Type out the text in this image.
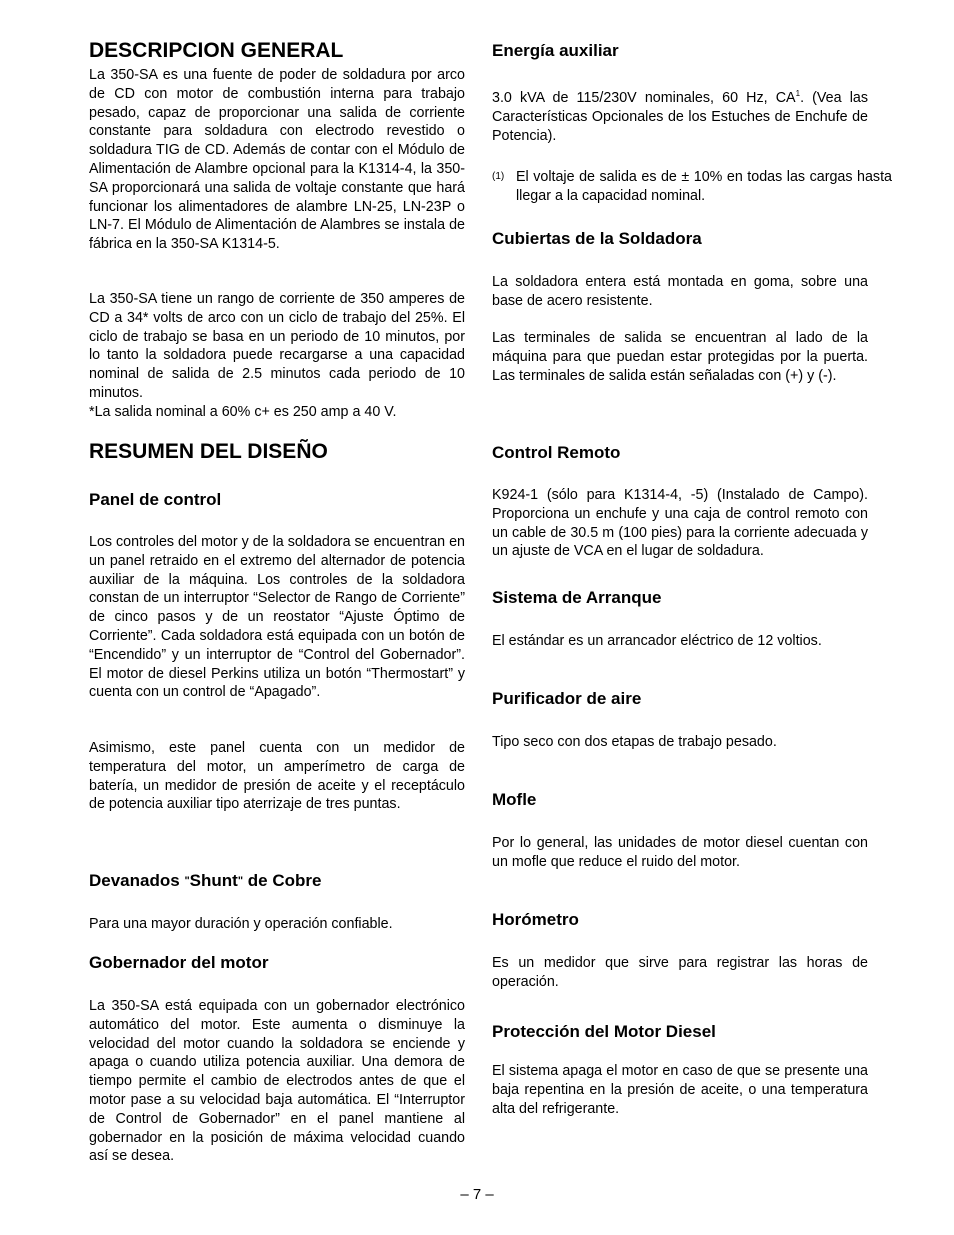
DESCRIPCION GENERAL

La 350-SA es una fuente de poder de soldadura por arco de CD con motor de combustión interna para trabajo pesado, capaz de proporcionar una salida de corriente constante para soldadura con electrodo revestido o soldadura TIG de CD. Además de contar con el Módulo de Alimentación de Alambre opcional para la K1314-4, la 350-SA proporcionará una salida de voltaje constante que hará funcionar los alimentadores de alambre LN-25, LN-23P o LN-7. El Módulo de Alimentación de Alambres se instala de fábrica en la 350-SA K1314-5.

La 350-SA tiene un rango de corriente de 350 amperes de CD a 34* volts de arco con un ciclo de trabajo del 25%. El ciclo de trabajo se basa en un periodo de 10 minutos, por lo tanto la soldadora puede recargarse a una capacidad nominal de salida de 2.5 minutos cada periodo de 10 minutos.

*La salida nominal a 60% c+ es 250 amp a 40 V.

RESUMEN DEL DISEÑO
Panel de control

Los controles del motor y de la soldadora se encuentran en un panel retraido en el extremo del alternador de potencia auxiliar de la máquina. Los controles de la soldadora constan de un interruptor “Selector de Rango de Corriente” de cinco pasos y de un reostator “Ajuste Óptimo de Corriente”. Cada soldadora está equipada con un botón de “Encendido” y un interruptor de “Control del Gobernador”. El motor de diesel Perkins utiliza un botón “Thermostart” y cuenta con un control de “Apagado”.

Asimismo, este panel cuenta con un medidor de temperatura del motor, un amperímetro de carga de batería, un medidor de presión de aceite y el receptáculo de potencia auxiliar tipo aterrizaje de tres puntas.

Devanados "Shunt" de Cobre

Para una mayor duración y operación confiable.

Gobernador del motor

La 350-SA está equipada con un gobernador electrónico automático del motor. Este aumenta o disminuye la velocidad del motor cuando la soldadora se enciende y apaga o cuando utiliza potencia auxiliar. Una demora de tiempo permite el cambio de electrodos antes de que el motor pase a su velocidad baja automática. El “Interruptor de Control de Gobernador” en el panel mantiene al gobernador en la posición de máxima velocidad cuando así se desea.

Energía auxiliar

3.0 kVA de 115/230V nominales, 60 Hz, $CA^1$. (Vea las Características Opcionales de los Estuches de Enchufe de Potencia).

(1) El voltaje de salida es de ± 10% en todas las cargas hasta llegar a la capacidad nominal.
Cubiertas de la Soldadora

La soldadora entera está montada en goma, sobre una base de acero resistente.

Las terminales de salida se encuentran al lado de la máquina para que puedan estar protegidas por la puerta. Las terminales de salida están señaladas con (+) y (-).

Control Remoto

K924-1 (sólo para K1314-4, -5) (Instalado de Campo). Proporciona un enchufe y una caja de control remoto con un cable de 30.5 m (100 pies) para la corriente adecuada y un ajuste de VCA en el lugar de soldadura.

Sistema de Arranque

El estándar es un arrancador eléctrico de 12 voltios.

Purificador de aire

Tipo seco con dos etapas de trabajo pesado.

Mofle

Por lo general, las unidades de motor diesel cuentan con un mofle que reduce el ruido del motor.

Horómetro

Es un medidor que sirve para registrar las horas de operación.

Protección del Motor Diesel

El sistema apaga el motor en caso de que se presente una baja repentina en la presión de aceite, o una temperatura alta del refrigerante.

– 7 –
